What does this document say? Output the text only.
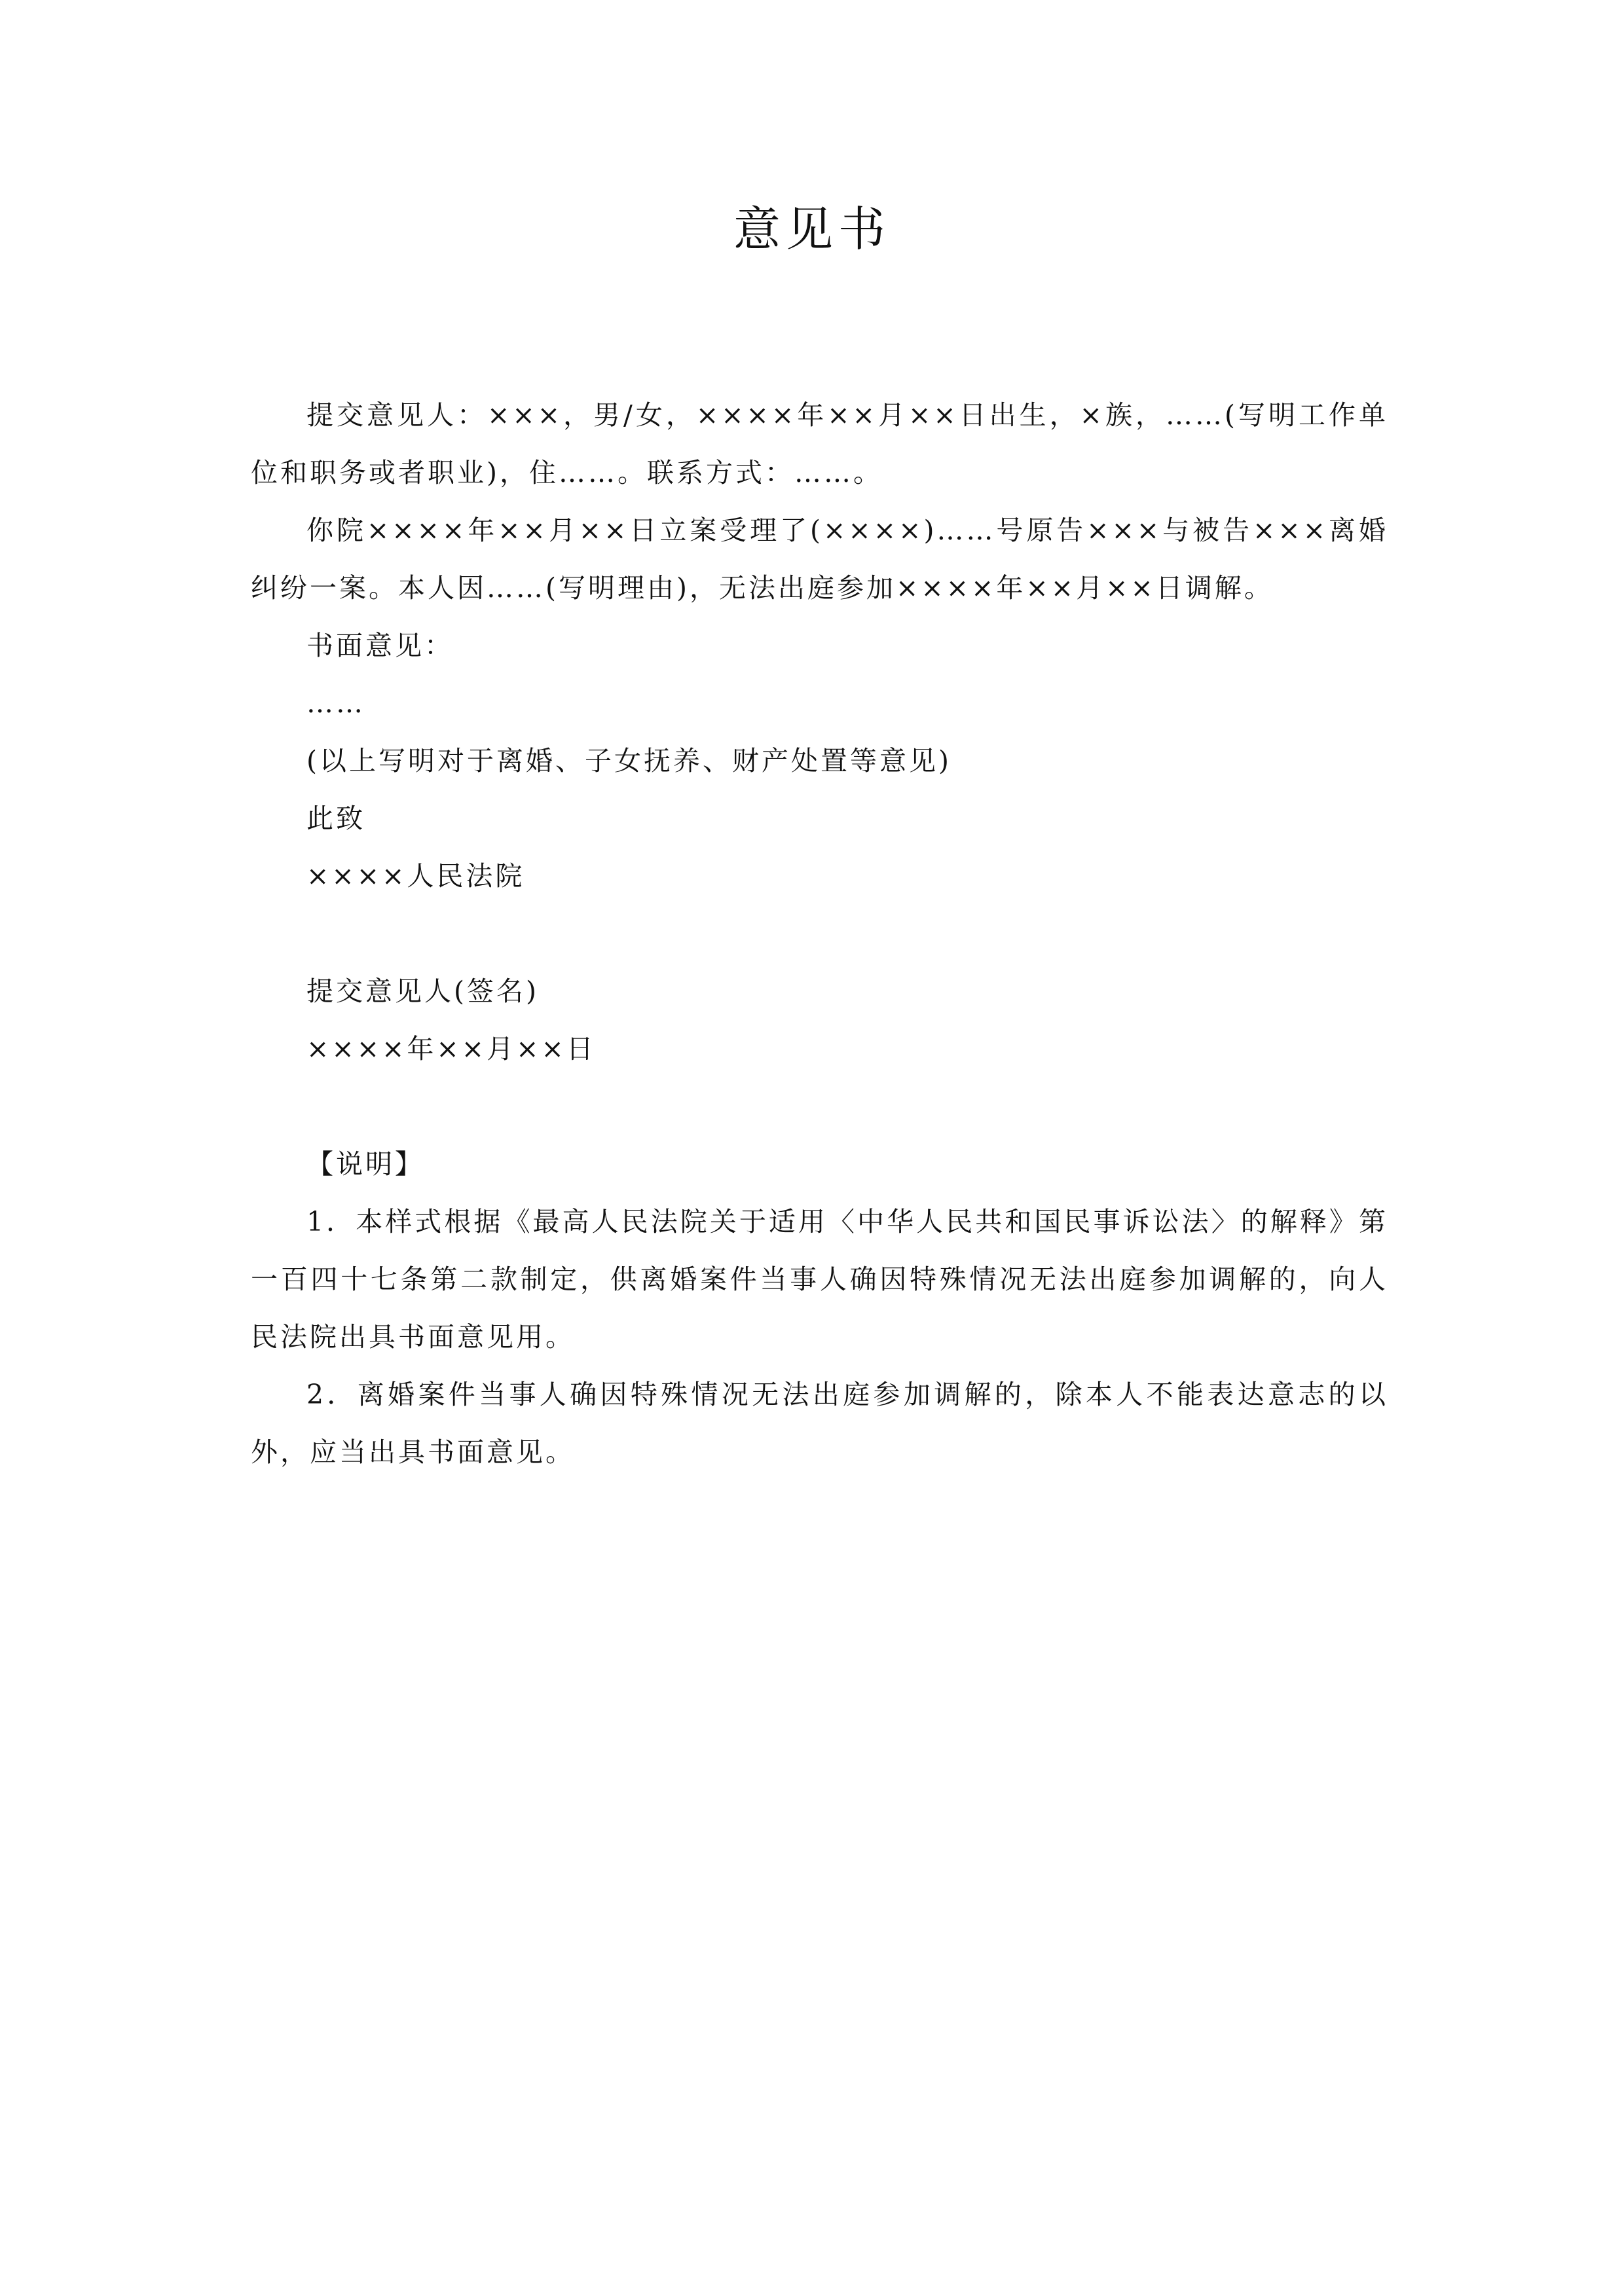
意见书

提交意见人：×××，男/女，××××年××月××日出生，×族，……(写明工作单位和职务或者职业)，住……。联系方式：……。

你院××××年××月××日立案受理了(××××)……号原告×××与被告×××离婚纠纷一案。本人因……(写明理由)，无法出庭参加××××年××月××日调解。

书面意见：

……

(以上写明对于离婚、子女抚养、财产处置等意见)

此致

××××人民法院

提交意见人(签名)

××××年××月××日

【说明】

1．本样式根据《最高人民法院关于适用〈中华人民共和国民事诉讼法〉的解释》第一百四十七条第二款制定，供离婚案件当事人确因特殊情况无法出庭参加调解的，向人民法院出具书面意见用。

2．离婚案件当事人确因特殊情况无法出庭参加调解的，除本人不能表达意志的以外，应当出具书面意见。
